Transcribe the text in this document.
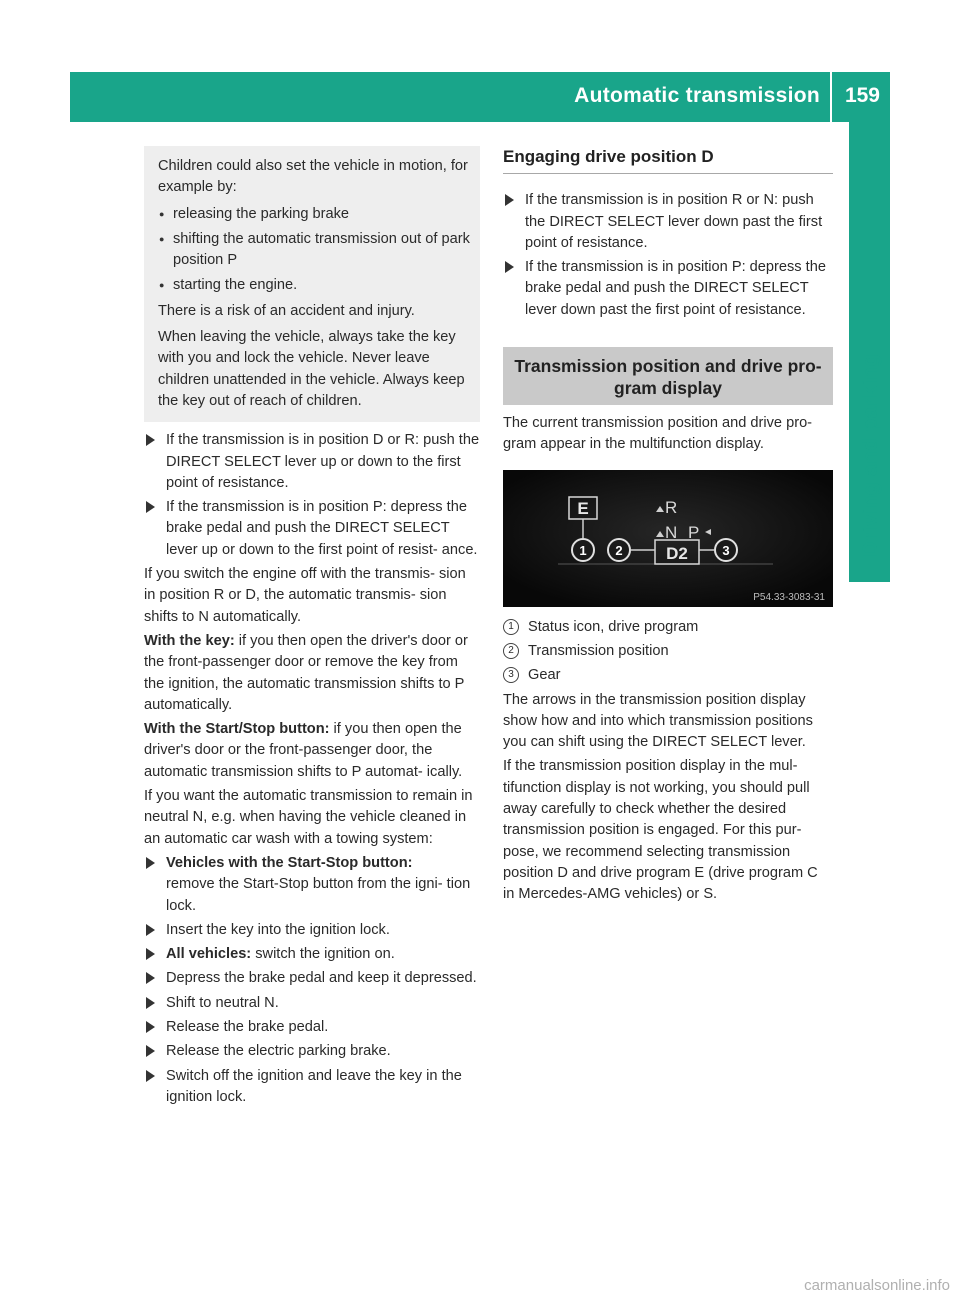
Automatic transmission 159
Driving and parking

Children could also set the vehicle in motion, for example by:

● releasing the parking brake
● shifting the automatic transmission out of park position P
● starting the engine.

There is a risk of an accident and injury.

When leaving the vehicle, always take the key with you and lock the vehicle. Never leave children unattended in the vehicle. Always keep the key out of reach of children.

If the transmission is in position D or R: push the DIRECT SELECT lever up or down to the first point of resistance.
If the transmission is in position P: depress the brake pedal and push the DIRECT SELECT lever up or down to the first point of resist- ance.

If you switch the engine off with the transmis- sion in position R or D, the automatic transmis- sion shifts to N automatically.

With the key: if you then open the driver's door or the front-passenger door or remove the key from the ignition, the automatic transmission shifts to P automatically.

With the Start/Stop button: if you then open the driver's door or the front-passenger door, the automatic transmission shifts to P automat- ically.

If you want the automatic transmission to remain in neutral N, e.g. when having the vehicle cleaned in an automatic car wash with a towing system:

Vehicles with the Start-Stop button:
remove the Start-Stop button from the igni- tion lock.
Insert the key into the ignition lock.
All vehicles: switch the ignition on.
Depress the brake pedal and keep it depressed.
Shift to neutral N.
Release the brake pedal.
Release the electric parking brake.
Switch off the ignition and leave the key in the ignition lock.
Engaging drive position D
If the transmission is in position R or N: push the DIRECT SELECT lever down past the first point of resistance.
If the transmission is in position P: depress the brake pedal and push the DIRECT SELECT lever down past the first point of resistance.
Transmission position and drive pro- gram display

The current transmission position and drive pro- gram appear in the multifunction display.

E	R
N P
D2
1 2	3
P54.33-3083-31
1 Status icon, drive program
2 Transmission position
3 Gear

The arrows in the transmission position display show how and into which transmission positions you can shift using the DIRECT SELECT lever.

If the transmission position display in the mul- tifunction display is not working, you should pull away carefully to check whether the desired transmission position is engaged. For this pur- pose, we recommend selecting transmission position D and drive program E (drive program C in Mercedes-AMG vehicles) or S.

carmanualsonline.info
